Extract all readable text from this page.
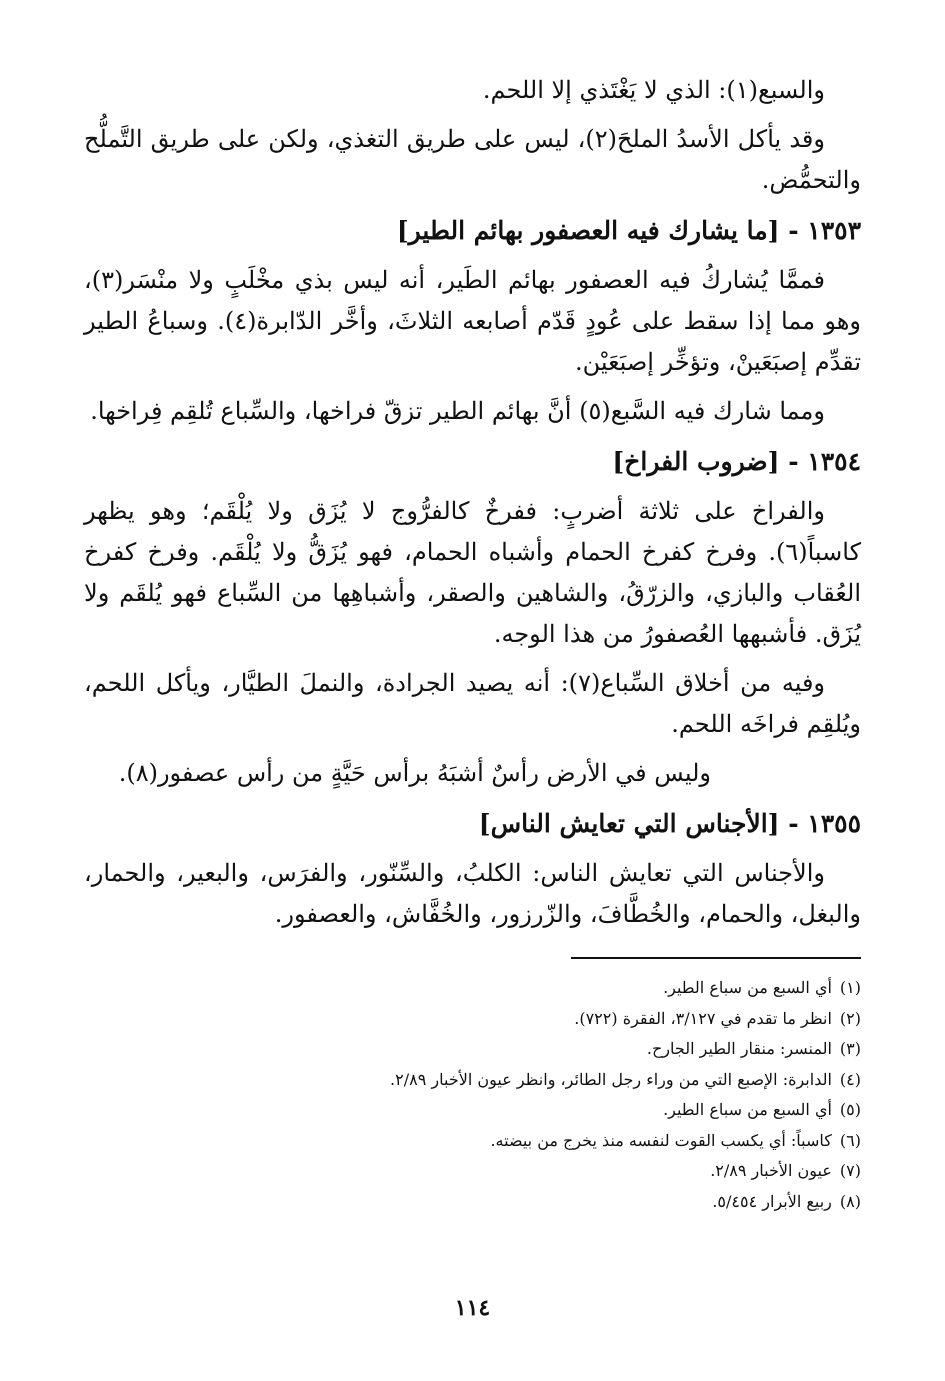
والسبع(١): الذي لا يَغْتَذي إلا اللحم.

وقد يأكل الأسدُ الملحَ(٢)، ليس على طريق التغذي، ولكن على طريق التَّملُّح والتحمُّض.

١٣٥٣ - [ما يشارك فيه العصفور بهائم الطير]

فممَّا يُشاركُ فيه العصفور بهائم الطَير، أنه ليس بذي مخْلَبٍ ولا منْسَر(٣)، وهو مما إذا سقط على عُودٍ قَدّم أصابعه الثلاثَ، وأخَّر الدّابرة(٤). وسباعُ الطير تقدِّم إصبَعَينْ، وتؤخِّر إصبَعَيْن.

ومما شارك فيه السَّبع(٥) أنَّ بهائم الطير تزقّ فراخها، والسِّباع تُلقِم فِراخها.

١٣٥٤ - [ضروب الفراخ]

والفراخ على ثلاثة أضربٍ: ففرخٌ كالفرُّوج لا يُزَق ولا يُلْقَم؛ وهو يظهر كاسباً(٦). وفرخ كفرخ الحمام وأشباه الحمام، فهو يُزَقُّ ولا يُلْقَم. وفرخ كفرخ العُقاب والبازي، والزرّقُ، والشاهين والصقر، وأشباهِها من السِّباع فهو يُلقَم ولا يُزَق. فأشبهها العُصفورُ من هذا الوجه.

وفيه من أخلاق السِّباع(٧): أنه يصيد الجرادة، والنملَ الطيَّار، ويأكل اللحم، ويُلقِم فراخَه اللحم.

وليس في الأرض رأسٌ أشبَهُ برأس حَيَّةٍ من رأس عصفور(٨).

١٣٥٥ - [الأجناس التي تعايش الناس]

والأجناس التي تعايش الناس: الكلبُ، والسِّنّور، والفرَس، والبعير، والحمار، والبغل، والحمام، والخُطَّافَ، والزّرزور، والخُفَّاش، والعصفور.

(١)أي السبع من سباع الطير.

(٢)انظر ما تقدم في ٣/١٢٧، الفقرة (٧٢٢).

(٣)المنسر: منقار الطير الجارح.

(٤)الدابرة: الإصبع التي من وراء رجل الطائر، وانظر عيون الأخبار ٢/٨٩.

(٥)أي السبع من سباع الطير.

(٦)كاسباً: أي يكسب القوت لنفسه منذ يخرج من بيضته.

(٧)عيون الأخبار ٢/٨٩.

(٨)ربيع الأبرار ٥/٤٥٤.

١١٤
